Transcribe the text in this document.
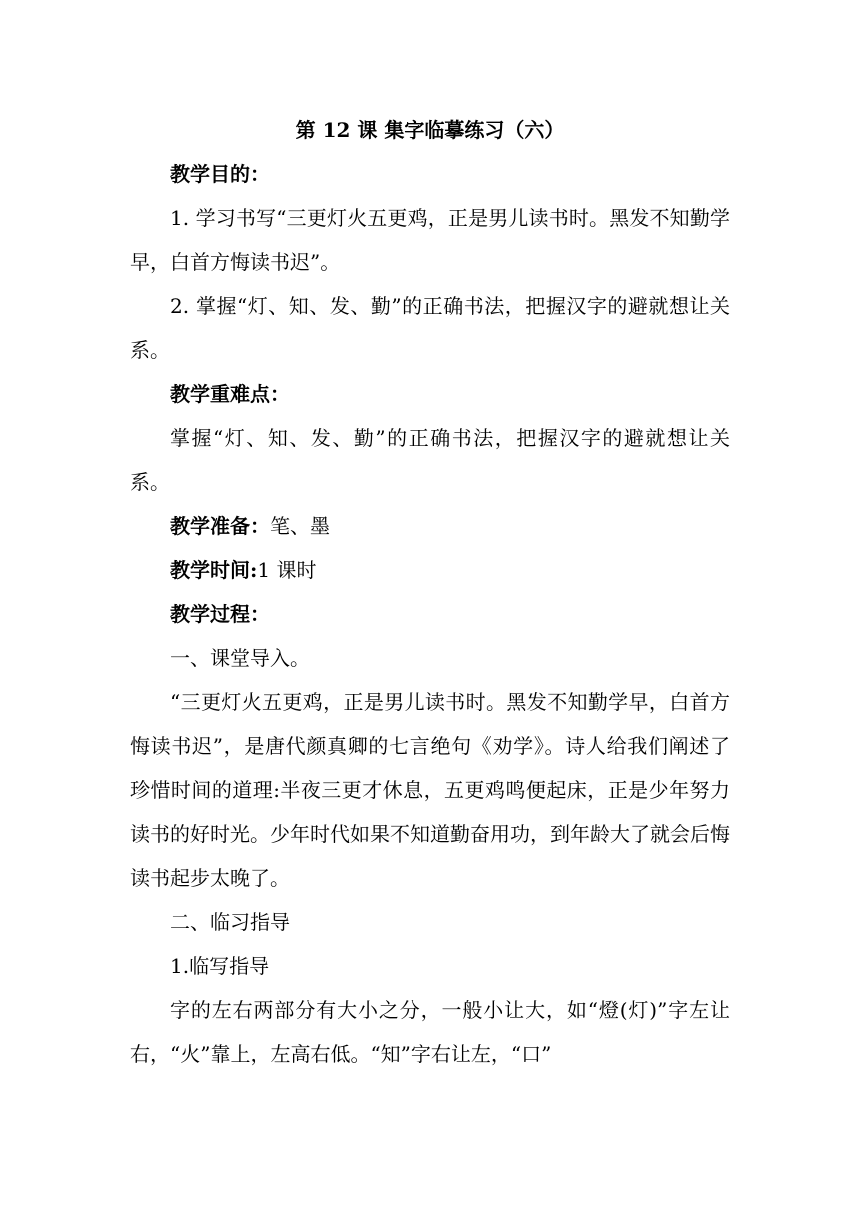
第 12 课 集字临摹练习（六）

教学目的：

1. 学习书写“三更灯火五更鸡，正是男儿读书时。黑发不知勤学早，白首方悔读书迟”。

2. 掌握“灯、知、发、勤”的正确书法，把握汉字的避就想让关系。

教学重难点：

掌握“灯、知、发、勤”的正确书法，把握汉字的避就想让关系。

教学准备：笔、墨

教学时间:1 课时

教学过程：

一、课堂导入。

“三更灯火五更鸡，正是男儿读书时。黑发不知勤学早，白首方悔读书迟”，是唐代颜真卿的七言绝句《劝学》。诗人给我们阐述了珍惜时间的道理:半夜三更才休息，五更鸡鸣便起床，正是少年努力读书的好时光。少年时代如果不知道勤奋用功，到年龄大了就会后悔读书起步太晚了。

二、临习指导

1.临写指导

字的左右两部分有大小之分，一般小让大，如“燈(灯)”字左让右，“火”靠上，左高右低。“知”字右让左，“口”
